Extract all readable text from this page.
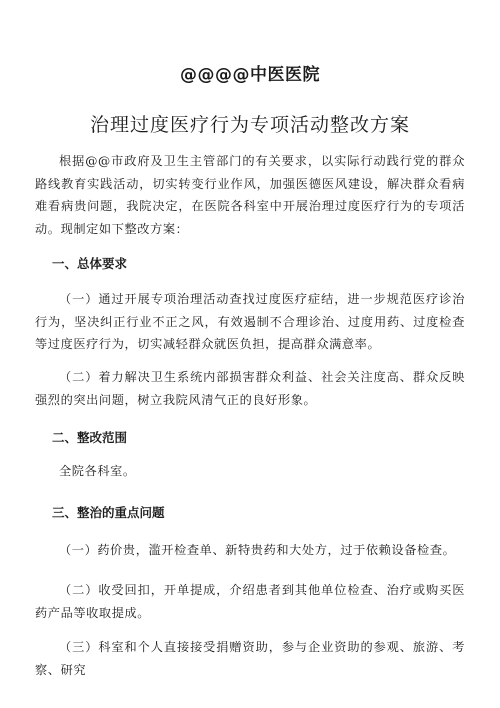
@@@@中医医院
治理过度医疗行为专项活动整改方案
根据@@市政府及卫生主管部门的有关要求，以实际行动践行党的群众路线教育实践活动，切实转变行业作风，加强医德医风建设，解决群众看病难看病贵问题，我院决定，在医院各科室中开展治理过度医疗行为的专项活动。现制定如下整改方案：
一、总体要求
（一）通过开展专项治理活动查找过度医疗症结，进一步规范医疗诊治行为，坚决纠正行业不正之风，有效遏制不合理诊治、过度用药、过度检查等过度医疗行为，切实减轻群众就医负担，提高群众满意率。
（二）着力解决卫生系统内部损害群众利益、社会关注度高、群众反映强烈的突出问题，树立我院风清气正的良好形象。
二、整改范围
全院各科室。
三、整治的重点问题
（一）药价贵，滥开检查单、新特贵药和大处方，过于依赖设备检查。
（二）收受回扣，开单提成，介绍患者到其他单位检查、治疗或购买医药产品等收取提成。
（三）科室和个人直接接受捐赠资助，参与企业资助的参观、旅游、考察、研究
